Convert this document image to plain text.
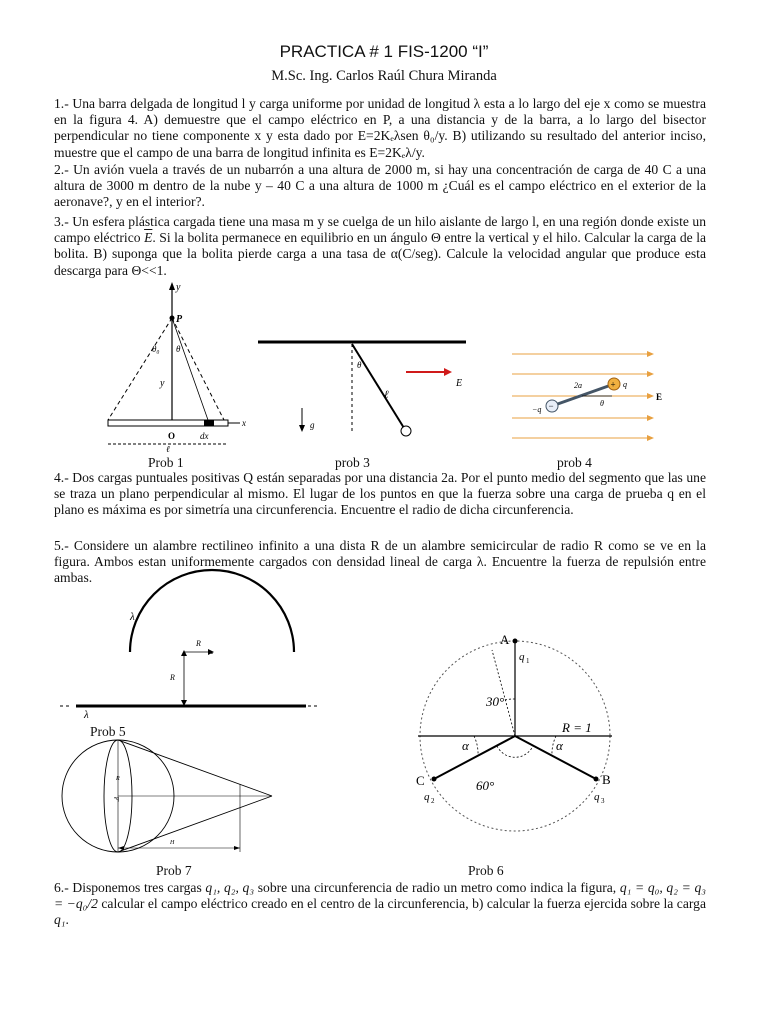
PRACTICA # 1 FIS-1200 “I”
M.Sc. Ing. Carlos Raúl Chura Miranda

1.- Una barra delgada de longitud l y carga uniforme por unidad de longitud λ esta a lo largo del eje x como se muestra en la figura 4. A) demuestre que el campo eléctrico en P, a una distancia y de la barra, a lo largo del bisector perpendicular no tiene componente x y esta dado por E=2Kₑλsen θ₀/y. B) utilizando su resultado del anterior inciso, muestre que el campo de una barra de longitud infinita es E=2Kₑλ/y.

2.- Un avión vuela a través de un nubarrón a una altura de 2000 m, si hay una concentración de carga de 40 C a una altura de 3000 m dentro de la nube y – 40 C a una altura de 1000 m ¿Cuál es el campo eléctrico en el exterior de la aeronave?, y en el interior?.

3.- Un esfera plástica cargada tiene una masa m y se cuelga de un hilo aislante de largo l, en una región donde existe un campo eléctrico $\overline{E}$. Si la bolita permanece en equilibrio en un ángulo Θ entre la vertical y el hilo. Calcular la carga de la bolita. B) suponga que la bolita pierde carga a una tasa de α(C/seg). Calcule la velocidad angular que produce esta descarga para Θ<<1.

y
P
θ₀ θ
y
x
O	dx
ℓ
θ
ℓ
E
g
−
+
2a	q
−q
θ
E
Prob 1	prob 3	prob 4

4.- Dos cargas puntuales positivas Q están separadas por una distancia 2a. Por el punto medio del segmento que las une se traza un plano perpendicular al mismo. El lugar de los puntos en que la fuerza sobre una carga de prueba q en el plano es máxima es por simetría una circunferencia. Encuentre el radio de dicha circunferencia.

5.- Considere un alambre rectilineo infinito a una dista R de un alambre semicircular de radio R como se ve en la figura. Ambos estan uniformemente cargados con densidad lineal de carga λ. Encuentre la fuerza de repulsión entre ambas.

λ
R
R
λ
Prob 5
R
•q
H
A
q 1
30°
R = 1
α	α
C
q 2
B
q 3
60°
Prob 7	Prob 6

6.- Disponemos tres cargas q₁, q₂, q₃ sobre una circunferencia de radio un metro como indica la figura, q₁ = q₀, q₂ = q₃ = −q₀/2 calcular el campo eléctrico creado en el centro de la circunferencia, b) calcular la fuerza ejercida sobre la carga q₁.
